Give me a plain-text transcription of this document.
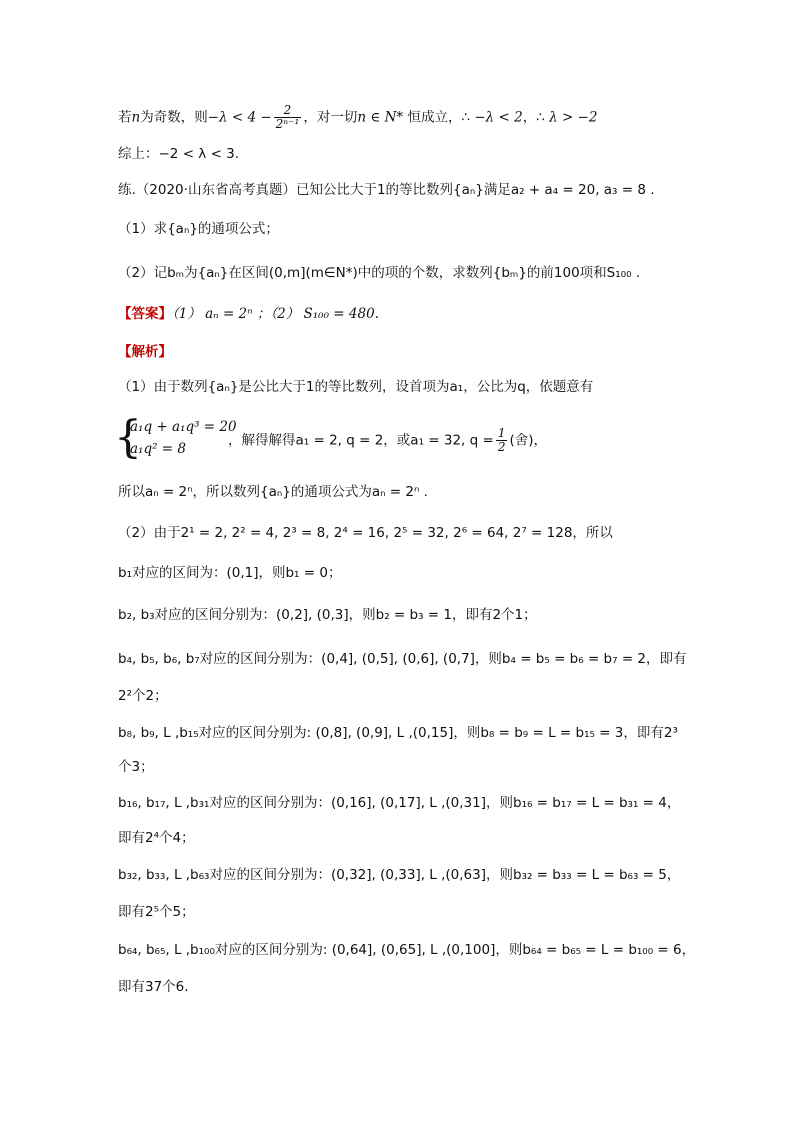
若n为奇数，则$-\lambda < 4 - \frac{2}{\text{2ⁿ⁻¹}}$ ，对一切n ∈ N* 恒成立，∴ −λ < 2，∴ λ > −2
综上：−2 < λ < 3.
练.（2020·山东省高考真题）已知公比大于1的等比数列{aₙ}满足a₂ + a₄ = 20, a₃ = 8 .
（1）求{aₙ}的通项公式；
（2）记bₘ为{aₙ}在区间(0,m](m∈N*)中的项的个数，求数列{bₘ}的前100项和S₁₀₀ .
【答案】（1） aₙ = 2ⁿ ；（2） S₁₀₀ = 480.
【解析】
（1）由于数列{aₙ}是公比大于1的等比数列，设首项为a₁，公比为q，依题意有
{
a₁q + a₁q³ = 20
a₁q² = 8
，解得解得a₁ = 2, q = 2，或a₁ = 32, $q = \frac{1}{2}$ (舍)，
所以aₙ = 2ⁿ，所以数列{aₙ}的通项公式为aₙ = 2ⁿ .
（2）由于2¹ = 2, 2² = 4, 2³ = 8, 2⁴ = 16, 2⁵ = 32, 2⁶ = 64, 2⁷ = 128，所以
b₁对应的区间为：(0,1]，则b₁ = 0；
b₂, b₃对应的区间分别为：(0,2], (0,3]，则b₂ = b₃ = 1，即有2个1；
b₄, b₅, b₆, b₇对应的区间分别为：(0,4], (0,5], (0,6], (0,7]，则b₄ = b₅ = b₆ = b₇ = 2，即有
2²个2；
b₈, b₉, L ,b₁₅对应的区间分别为: (0,8], (0,9], L ,(0,15]，则b₈ = b₉ = L = b₁₅ = 3，即有2³
个3；
b₁₆, b₁₇, L ,b₃₁对应的区间分别为：(0,16], (0,17], L ,(0,31]，则b₁₆ = b₁₇ = L = b₃₁ = 4，
即有2⁴个4；
b₃₂, b₃₃, L ,b₆₃对应的区间分别为：(0,32], (0,33], L ,(0,63]，则b₃₂ = b₃₃ = L = b₆₃ = 5，
即有2⁵个5；
b₆₄, b₆₅, L ,b₁₀₀对应的区间分别为: (0,64], (0,65], L ,(0,100]，则b₆₄ = b₆₅ = L = b₁₀₀ = 6，
即有37个6.
